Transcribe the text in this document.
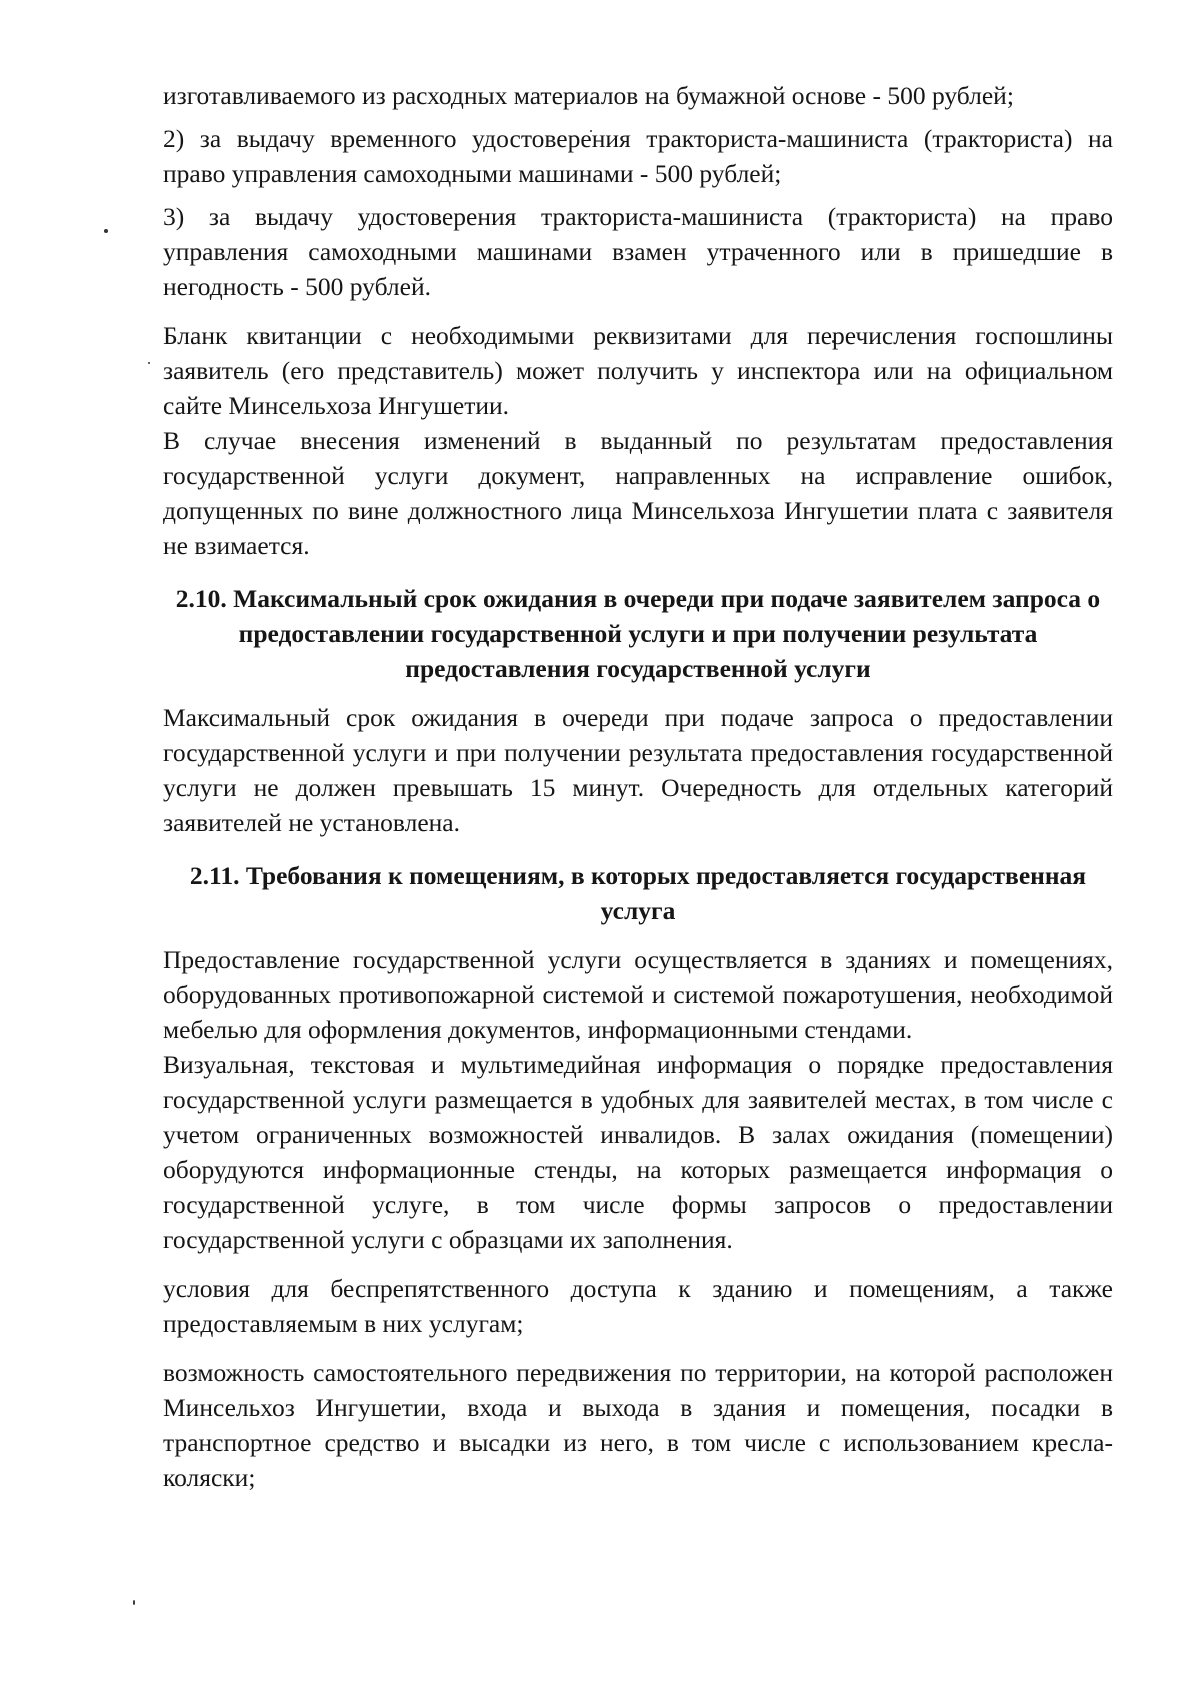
изготавливаемого из расходных материалов на бумажной основе - 500 рублей;

2) за выдачу временного удостоверения тракториста-машиниста (тракториста) на право управления самоходными машинами - 500 рублей;

3) за выдачу удостоверения тракториста-машиниста (тракториста) на право управления самоходными машинами взамен утраченного или в пришедшие в негодность - 500 рублей.

Бланк квитанции с необходимыми реквизитами для перечисления госпошлины заявитель (его представитель) может получить у инспектора или на официальном сайте Минсельхоза Ингушетии.

В случае внесения изменений в выданный по результатам предоставления государственной услуги документ, направленных на исправление ошибок, допущенных по вине должностного лица Минсельхоза Ингушетии плата с заявителя не взимается.

2.10. Максимальный срок ожидания в очереди при подаче заявителем запроса о предоставлении государственной услуги и при получении результата предоставления государственной услуги

Максимальный срок ожидания в очереди при подаче запроса о предоставлении государственной услуги и при получении результата предоставления государственной услуги не должен превышать 15 минут. Очередность для отдельных категорий заявителей не установлена.

2.11. Требования к помещениям, в которых предоставляется государственная услуга

Предоставление государственной услуги осуществляется в зданиях и помещениях, оборудованных противопожарной системой и системой пожаротушения, необходимой мебелью для оформления документов, информационными стендами.

Визуальная, текстовая и мультимедийная информация о порядке предоставления государственной услуги размещается в удобных для заявителей местах, в том числе с учетом ограниченных возможностей инвалидов. В залах ожидания (помещении) оборудуются информационные стенды, на которых размещается информация о государственной услуге, в том числе формы запросов о предоставлении государственной услуги с образцами их заполнения.

условия для беспрепятственного доступа к зданию и помещениям, а также предоставляемым в них услугам;

возможность самостоятельного передвижения по территории, на которой расположен Минсельхоз Ингушетии, входа и выхода в здания и помещения, посадки в транспортное средство и высадки из него, в том числе с использованием кресла-коляски;
